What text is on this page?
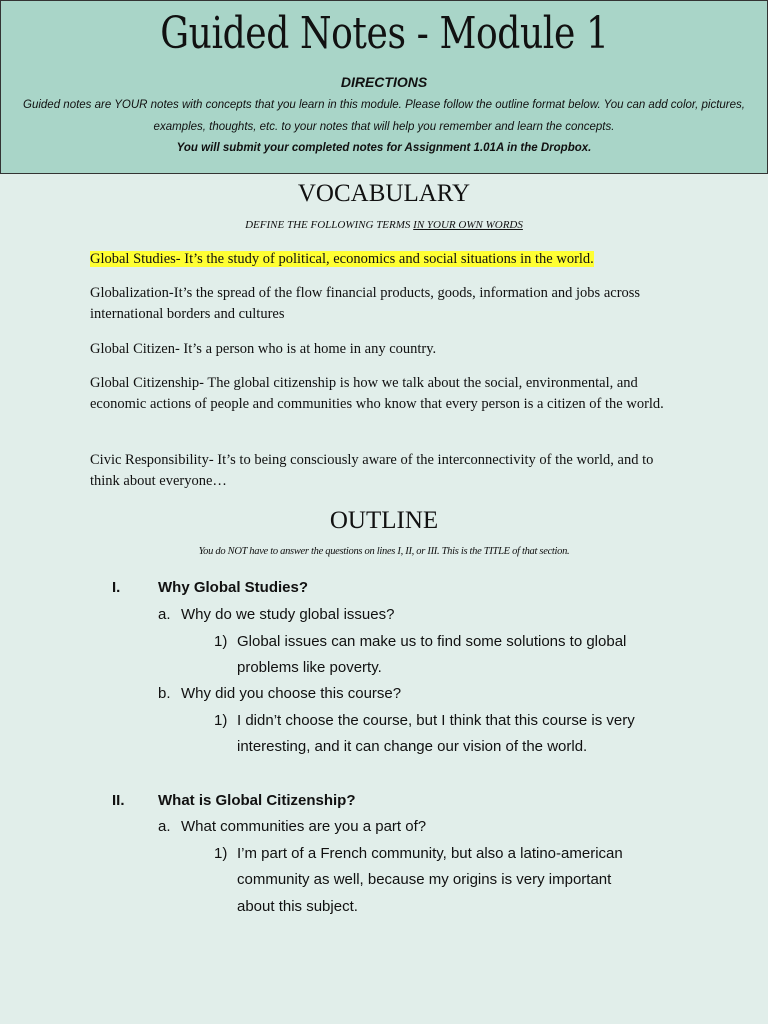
Guided Notes - Module 1
DIRECTIONS
Guided notes are YOUR notes with concepts that you learn in this module. Please follow the outline format below. You can add color, pictures, examples, thoughts, etc. to your notes that will help you remember and learn the concepts.
You will submit your completed notes for Assignment 1.01A in the Dropbox.
VOCABULARY
DEFINE THE FOLLOWING TERMS IN YOUR OWN WORDS
Global Studies- It’s the study of political, economics and social situations in the world.
Globalization-It’s the spread of the flow financial products, goods, information and jobs across international borders and cultures
Global Citizen- It’s a person who is at home in any country.
Global Citizenship- The global citizenship is how we talk about the social, environmental, and economic actions of people and communities who know that every person is a citizen of the world.
Civic Responsibility- It’s to being consciously aware of the interconnectivity of the world, and to think about everyone…
OUTLINE
You do NOT have to answer the questions on lines I, II, or III. This is the TITLE of that section.
I.	Why Global Studies?
a. Why do we study global issues?
1) Global issues can make us to find some solutions to global
problems like poverty.
b. Why did you choose this course?
1) I didn’t choose the course, but I think that this course is very
interesting, and it can change our vision of the world.
II. What is Global Citizenship?
a. What communities are you a part of?
1) I’m part of a French community, but also a latino-american
community as well, because my origins is very important
about this subject.
